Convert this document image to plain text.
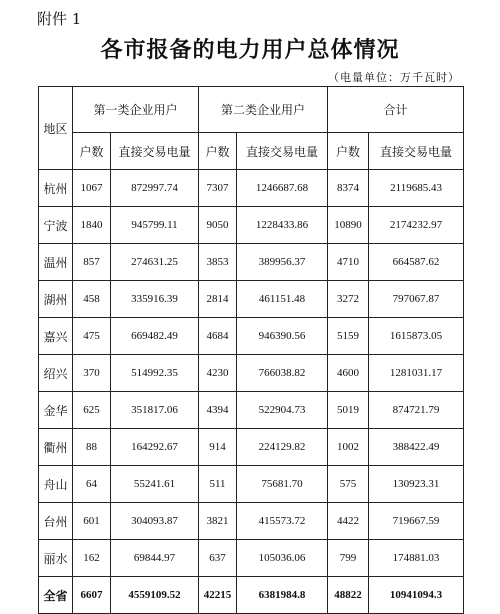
附件 1
各市报备的电力用户总体情况
（电量单位：万千瓦时）
地区	第一类企业用户		第二类企业用户		合计	
	户数	直接交易电量	户数	直接交易电量	户数	直接交易电量
杭州	1067	872997.74	7307	1246687.68	8374	2119685.43
宁波	1840	945799.11	9050	1228433.86	10890	2174232.97
温州	857	274631.25	3853	389956.37	4710	664587.62
湖州	458	335916.39	2814	461151.48	3272	797067.87
嘉兴	475	669482.49	4684	946390.56	5159	1615873.05
绍兴	370	514992.35	4230	766038.82	4600	1281031.17
金华	625	351817.06	4394	522904.73	5019	874721.79
衢州	88	164292.67	914	224129.82	1002	388422.49
舟山	64	55241.61	511	75681.70	575	130923.31
台州	601	304093.87	3821	415573.72	4422	719667.59
丽水	162	69844.97	637	105036.06	799	174881.03
全省	6607	4559109.52	42215	6381984.8	48822	10941094.3
